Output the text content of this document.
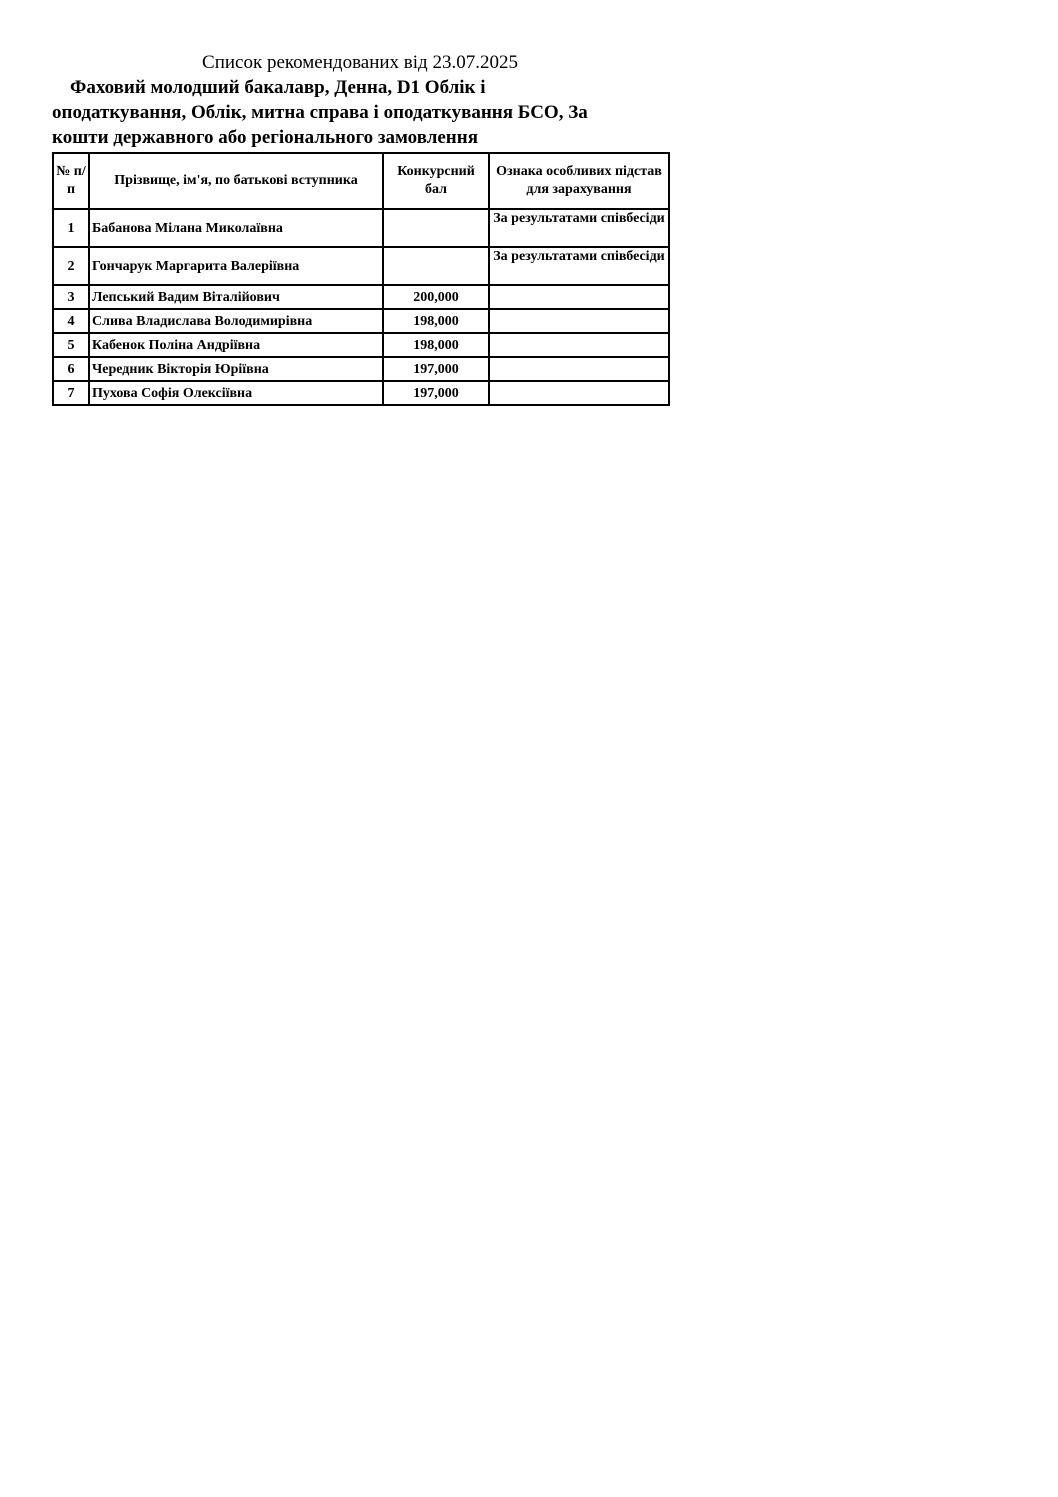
Список рекомендованих від 23.07.2025
Фаховий молодший бакалавр, Денна, D1 Облік і
оподаткування, Облік, митна справа і оподаткування БСО, За
кошти державного або регіонального замовлення
№ п/п	Прізвище, ім'я, по батькові вступника	Конкурсний бал	Ознака особливих підстав для зарахування
1	Бабанова Мілана Миколаївна		За результатами співбесіди
2	Гончарук Маргарита Валеріївна		За результатами співбесіди
3	Лепський Вадим Віталійович	200,000	
4	Слива Владислава Володимирівна	198,000	
5	Кабенок Поліна Андріївна	198,000	
6	Чередник Вікторія Юріївна	197,000	
7	Пухова Софія Олексіївна	197,000	
